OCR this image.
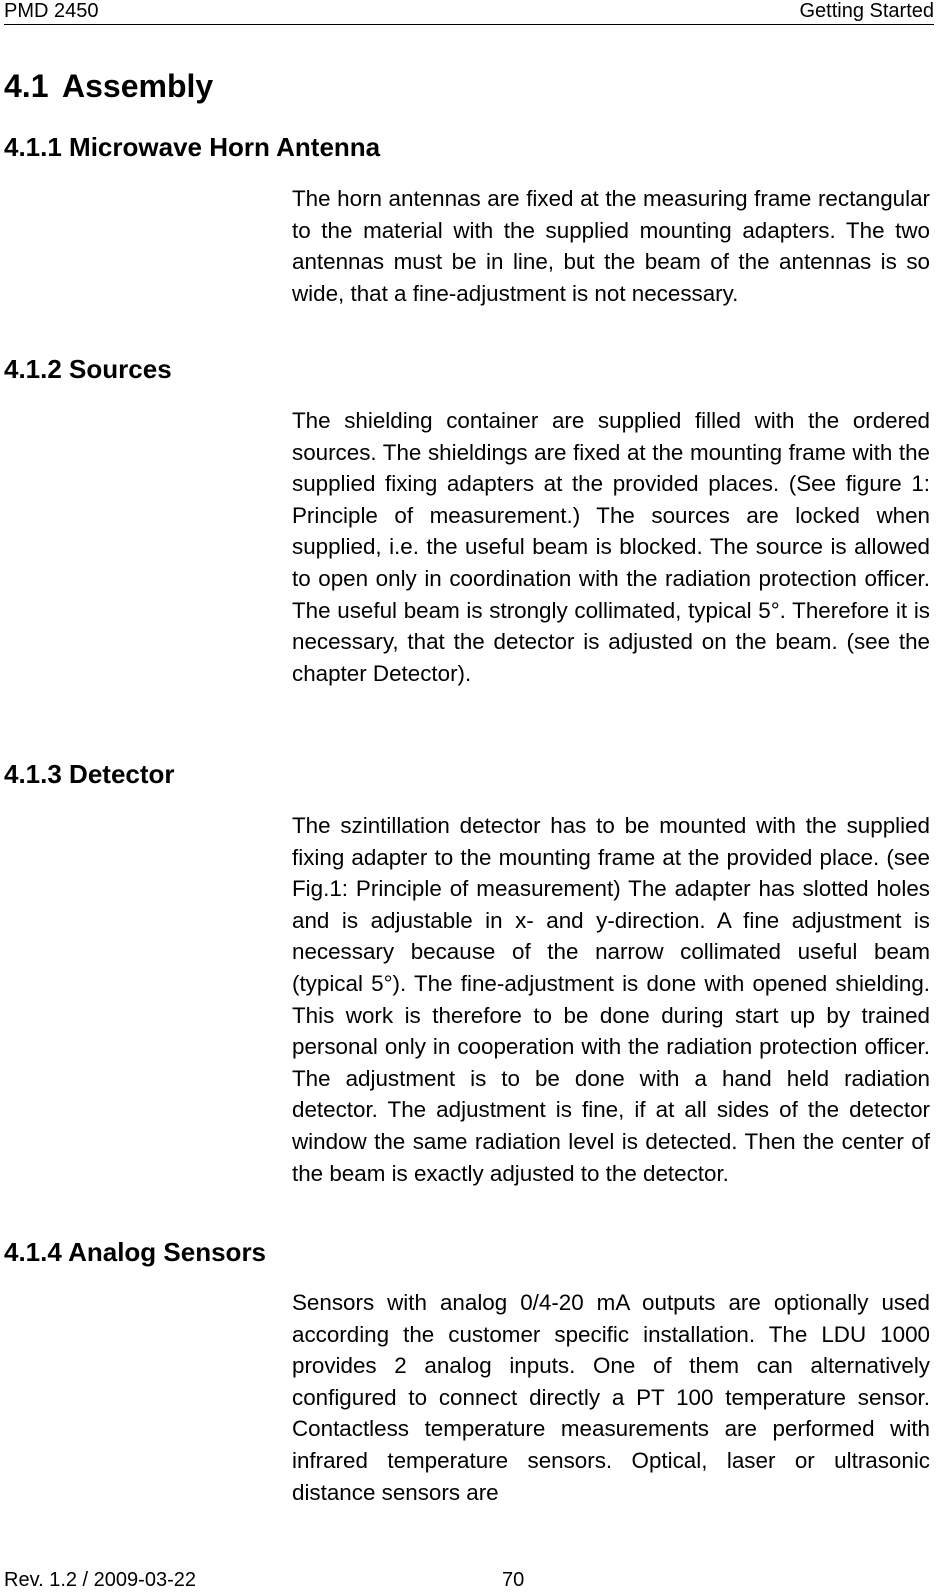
PMD 2450	Getting Started
4.1 Assembly
4.1.1 Microwave Horn Antenna
The horn antennas are fixed at the measuring frame rectangular to the material with the supplied mounting adapters. The two antennas must be in line, but the beam of the antennas is so wide, that a fine-adjustment is not necessary.
4.1.2 Sources
The shielding container are supplied filled with the ordered sources. The shieldings are fixed at the mounting frame with the supplied fixing adapters at the provided places. (See figure 1: Principle of measurement.) The sources are locked when supplied, i.e. the useful beam is blocked. The source is allowed to open only in coordination with the radiation protection officer. The useful beam is strongly collimated, typical 5°. Therefore it is necessary, that the detector is adjusted on the beam. (see the chapter Detector).
4.1.3 Detector
The szintillation detector has to be mounted with the supplied fixing adapter to the mounting frame at the provided place. (see Fig.1: Principle of measurement) The adapter has slotted holes and is adjustable in x- and y-direction. A fine adjustment is necessary because of the narrow collimated useful beam (typical 5°). The fine-adjustment is done with opened shielding. This work is therefore to be done during start up by trained personal only in cooperation with the radiation protection officer. The adjustment is to be done with a hand held radiation detector. The adjustment is fine, if at all sides of the detector window the same radiation level is detected. Then the center of the beam is exactly adjusted to the detector.
4.1.4 Analog Sensors
Sensors with analog 0/4-20 mA outputs are optionally used according the customer specific installation. The LDU 1000 provides 2 analog inputs. One of them can alternatively configured to connect directly a PT 100 temperature sensor. Contactless temperature measurements are performed with infrared temperature sensors. Optical, laser or ultrasonic distance sensors are
Rev. 1.2 / 2009-03-22	70
